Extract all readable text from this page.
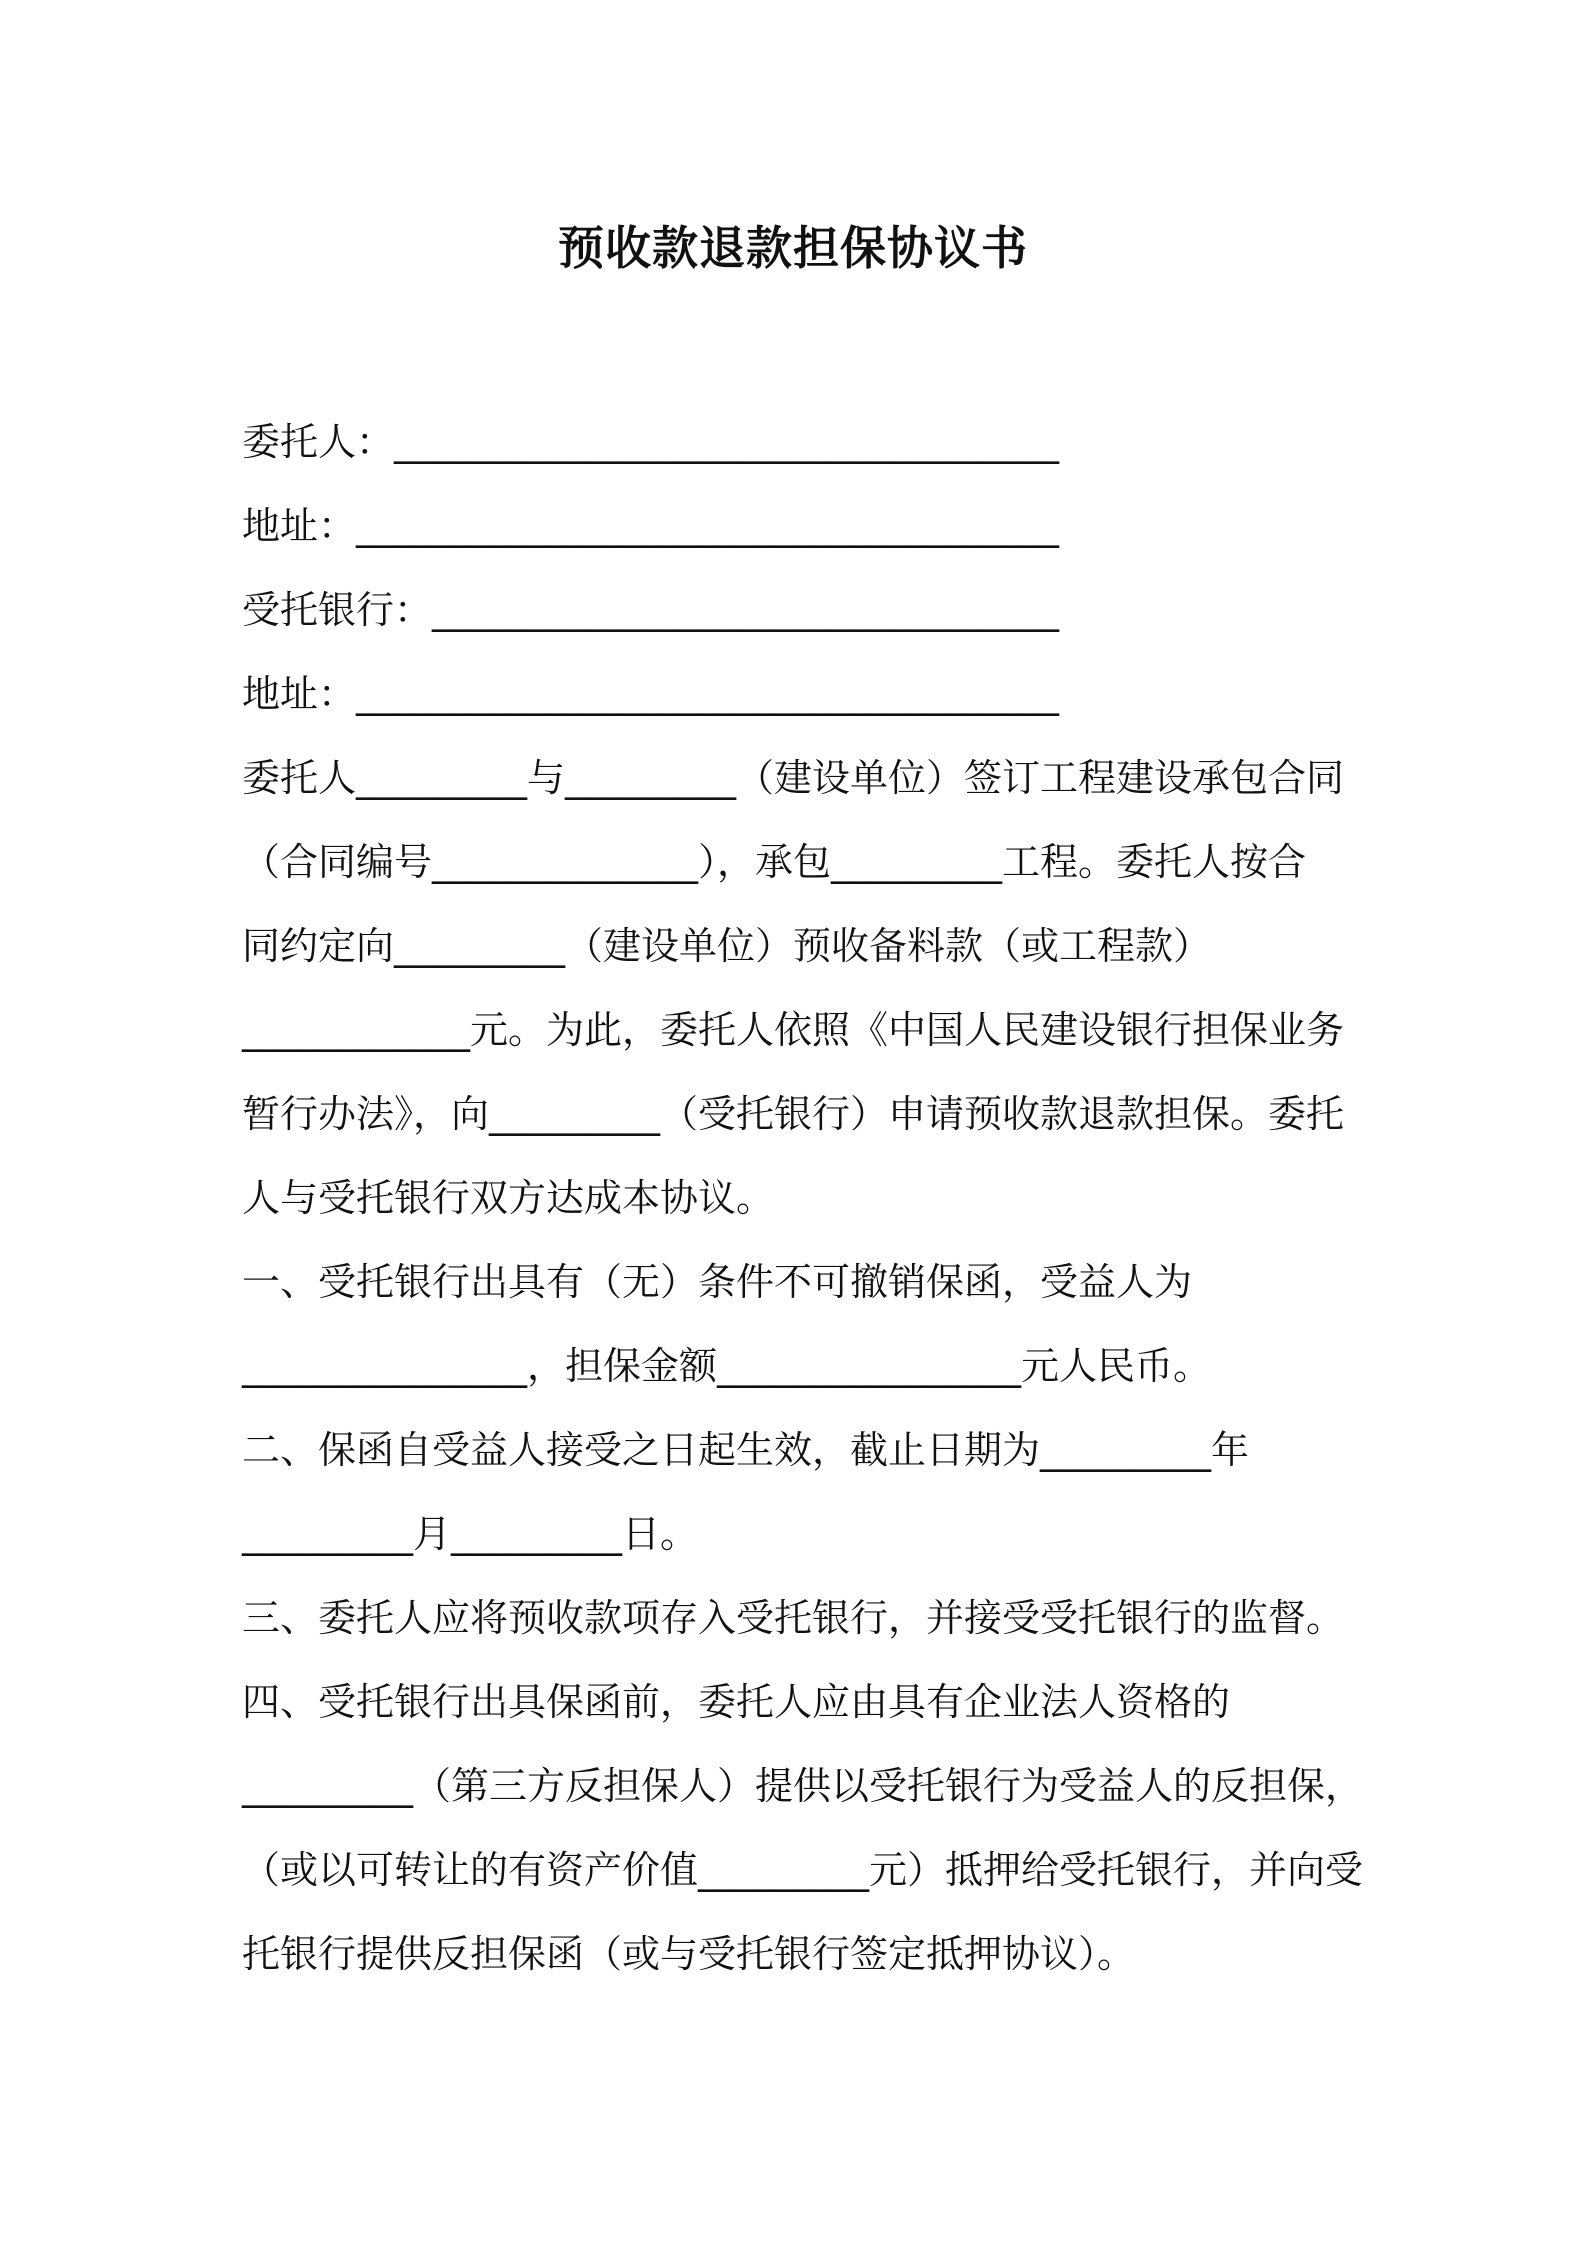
预收款退款担保协议书
委托人：___________________________________
地址：_____________________________________
受托银行：_________________________________
地址：_____________________________________
委托人_________与_________（建设单位）签订工程建设承包合同
（合同编号______________），承包_________工程。委托人按合
同约定向_________（建设单位）预收备料款（或工程款）
____________元。为此，委托人依照《中国人民建设银行担保业务
暂行办法》，向_________（受托银行）申请预收款退款担保。委托
人与受托银行双方达成本协议。
一、受托银行出具有（无）条件不可撤销保函，受益人为
_______________，担保金额________________元人民币。
二、保函自受益人接受之日起生效，截止日期为_________年
_________月_________日。
三、委托人应将预收款项存入受托银行，并接受受托银行的监督。
四、受托银行出具保函前，委托人应由具有企业法人资格的
_________（第三方反担保人）提供以受托银行为受益人的反担保，
（或以可转让的有资产价值_________元）抵押给受托银行，并向受
托银行提供反担保函（或与受托银行签定抵押协议）。
